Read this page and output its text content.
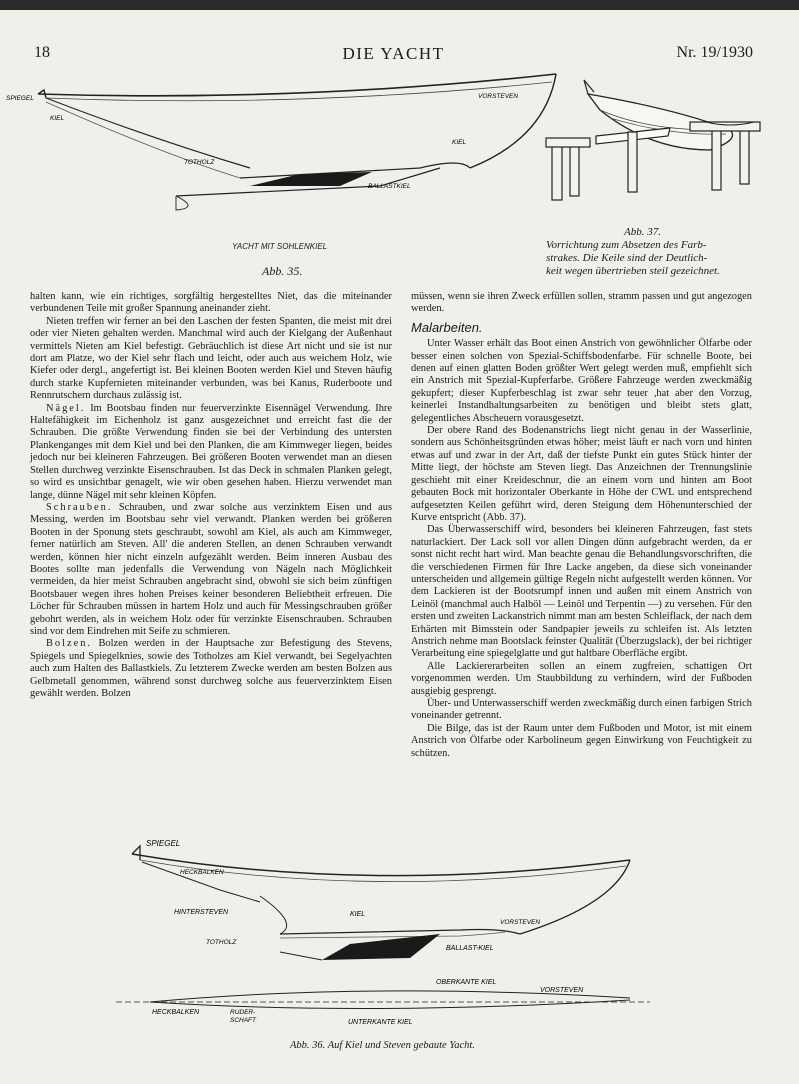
18	DIE YACHT	Nr. 19/1930
SPIEGEL
KIEL
VORSTEVEN
KIEL
TOTHOLZ
BALLASTKIEL
YACHT MIT SOHLENKIEL
Abb. 35.
Abb. 37.
Vorrichtung zum Absetzen des Farb-
strakes. Die Keile sind der Deutlich-
keit wegen übertrieben steil gezeichnet.

halten kann, wie ein richtiges, sorgfältig hergestelltes Niet, das die miteinander verbundenen Teile mit großer Spannung aneinander zieht.

Nieten treffen wir ferner an bei den Laschen der festen Spanten, die meist mit drei oder vier Nieten gehalten werden. Manchmal wird auch der Kielgang der Außenhaut vermittels Nieten am Kiel befestigt. Gebräuchlich ist diese Art nicht und sie ist nur dort am Platze, wo der Kiel sehr flach und leicht, oder auch aus weichem Holz, wie Kiefer oder dergl., angefertigt ist. Bei kleinen Booten werden Kiel und Steven häufig durch starke Kupfernieten miteinander verbunden, was bei Kanus, Ruderboote und Rennrutschern durchaus zulässig ist.

Nägel. Im Bootsbau finden nur feuerverzinkte Eisennägel Verwendung. Ihre Haltefähigkeit im Eichenholz ist ganz ausgezeichnet und erreicht fast die der Schrauben. Die größte Verwendung finden sie bei der Verbindung des untersten Plankenganges mit dem Kiel und bei den Planken, die am Kimmweger liegen, beides jedoch nur bei kleineren Fahrzeugen. Bei größeren Booten verwendet man an diesen Stellen durchweg verzinkte Eisenschrauben. Ist das Deck in schmalen Planken gelegt, so wird es unsichtbar genagelt, wie wir oben gesehen haben. Hierzu verwendet man lange, dünne Nägel mit sehr kleinen Köpfen.

Schrauben. Schrauben, und zwar solche aus verzinktem Eisen und aus Messing, werden im Bootsbau sehr viel verwandt. Planken werden bei größeren Booten in der Sponung stets geschraubt, sowohl am Kiel, als auch am Kimmweger, ferner natürlich am Steven. All' die anderen Stellen, an denen Schrauben verwandt werden, können hier nicht einzeln aufgezählt werden. Beim inneren Ausbau des Bootes sollte man jedenfalls die Verwendung von Nägeln nach Möglichkeit vermeiden, da hier meist Schrauben angebracht sind, obwohl sie sich beim zünftigen Bootsbauer wegen ihres hohen Preises keiner besonderen Beliebtheit erfreuen. Die Löcher für Schrauben müssen in hartem Holz und auch für Messingschrauben größer gebohrt werden, als in weichem Holz oder für verzinkte Eisenschrauben. Schrauben sind vor dem Eindrehen mit Seife zu schmieren.

Bolzen. Bolzen werden in der Hauptsache zur Befestigung des Stevens, Spiegels und Spiegelknies, sowie des Totholzes am Kiel verwandt, bei Segelyachten auch zum Halten des Ballastkiels. Zu letzterem Zwecke werden am besten Bolzen aus Gelbmetall genommen, während sonst durchweg solche aus feuerverzinktem Eisen gewählt werden. Bolzen

müssen, wenn sie ihren Zweck erfüllen sollen, stramm passen und gut angezogen werden.

Malarbeiten.

Unter Wasser erhält das Boot einen Anstrich von gewöhnlicher Ölfarbe oder besser einen solchen von Spezial-Schiffsbodenfarbe. Für schnelle Boote, bei denen auf einen glatten Boden größter Wert gelegt werden muß, empfiehlt sich ein Anstrich mit Spezial-Kupferfarbe. Größere Fahrzeuge werden zweckmäßig gekupfert; dieser Kupferbeschlag ist zwar sehr teuer ,hat aber den Vorzug, keinerlei Instandhaltungsarbeiten zu benötigen und bleibt stets glatt, gelegentliches Abscheuern vorausgesetzt.

Der obere Rand des Bodenanstrichs liegt nicht genau in der Wasserlinie, sondern aus Schönheitsgründen etwas höher; meist läuft er nach vorn und hinten etwas auf und zwar in der Art, daß der tiefste Punkt ein gutes Stück hinter der Mitte liegt, der höchste am Steven liegt. Das Anzeichnen der Trennungslinie geschieht mit einer Kreideschnur, die an einem vorn und hinten am Boot gebauten Bock mit horizontaler Oberkante in Höhe der CWL und entsprechend aufgesetzten Keilen geführt wird, deren Steigung dem Höhenunterschied der Kurve entspricht (Abb. 37).

Das Überwasserschiff wird, besonders bei kleineren Fahrzeugen, fast stets naturlackiert. Der Lack soll vor allen Dingen dünn aufgebracht werden, da er sonst nicht recht hart wird. Man beachte genau die Behandlungsvorschriften, die die verschiedenen Firmen für Ihre Lacke angeben, da diese sich voneinander unterscheiden und allgemein gültige Regeln nicht aufgestellt werden können. Vor dem Lackieren ist der Bootsrumpf innen und außen mit einem Anstrich von Leinöl (manchmal auch Halböl — Leinöl und Terpentin —) zu versehen. Für den ersten und zweiten Lackanstrich nimmt man am besten Schleiflack, der nach dem Erhärten mit Bimsstein oder Sandpapier jeweils zu schleifen ist. Als letzten Anstrich nehme man Bootslack feinster Qualität (Überzugslack), der bei richtiger Verarbeitung eine spiegelglatte und gut haltbare Oberfläche ergibt.

Alle Lackiererarbeiten sollen an einem zugfreien, schattigen Ort vorgenommen werden. Um Staubbildung zu verhindern, wird der Fußboden ausgiebig gesprengt.

Über- und Unterwasserschiff werden zweckmäßig durch einen farbigen Strich voneinander getrennt.

Die Bilge, das ist der Raum unter dem Fußboden und Motor, ist mit einem Anstrich von Ölfarbe oder Karbolineum gegen Einwirkung von Feuchtigkeit zu schützen.

SPIEGEL
HECKBALKEN
HINTERSTEVEN	KIEL
VORSTEVEN
TOTHOLZ
BALLAST-KIEL
OBERKANTE KIEL
VORSTEVEN
HECKBALKEN	RUDER-
SCHAFT	UNTERKANTE KIEL
Abb. 36. Auf Kiel und Steven gebaute Yacht.
